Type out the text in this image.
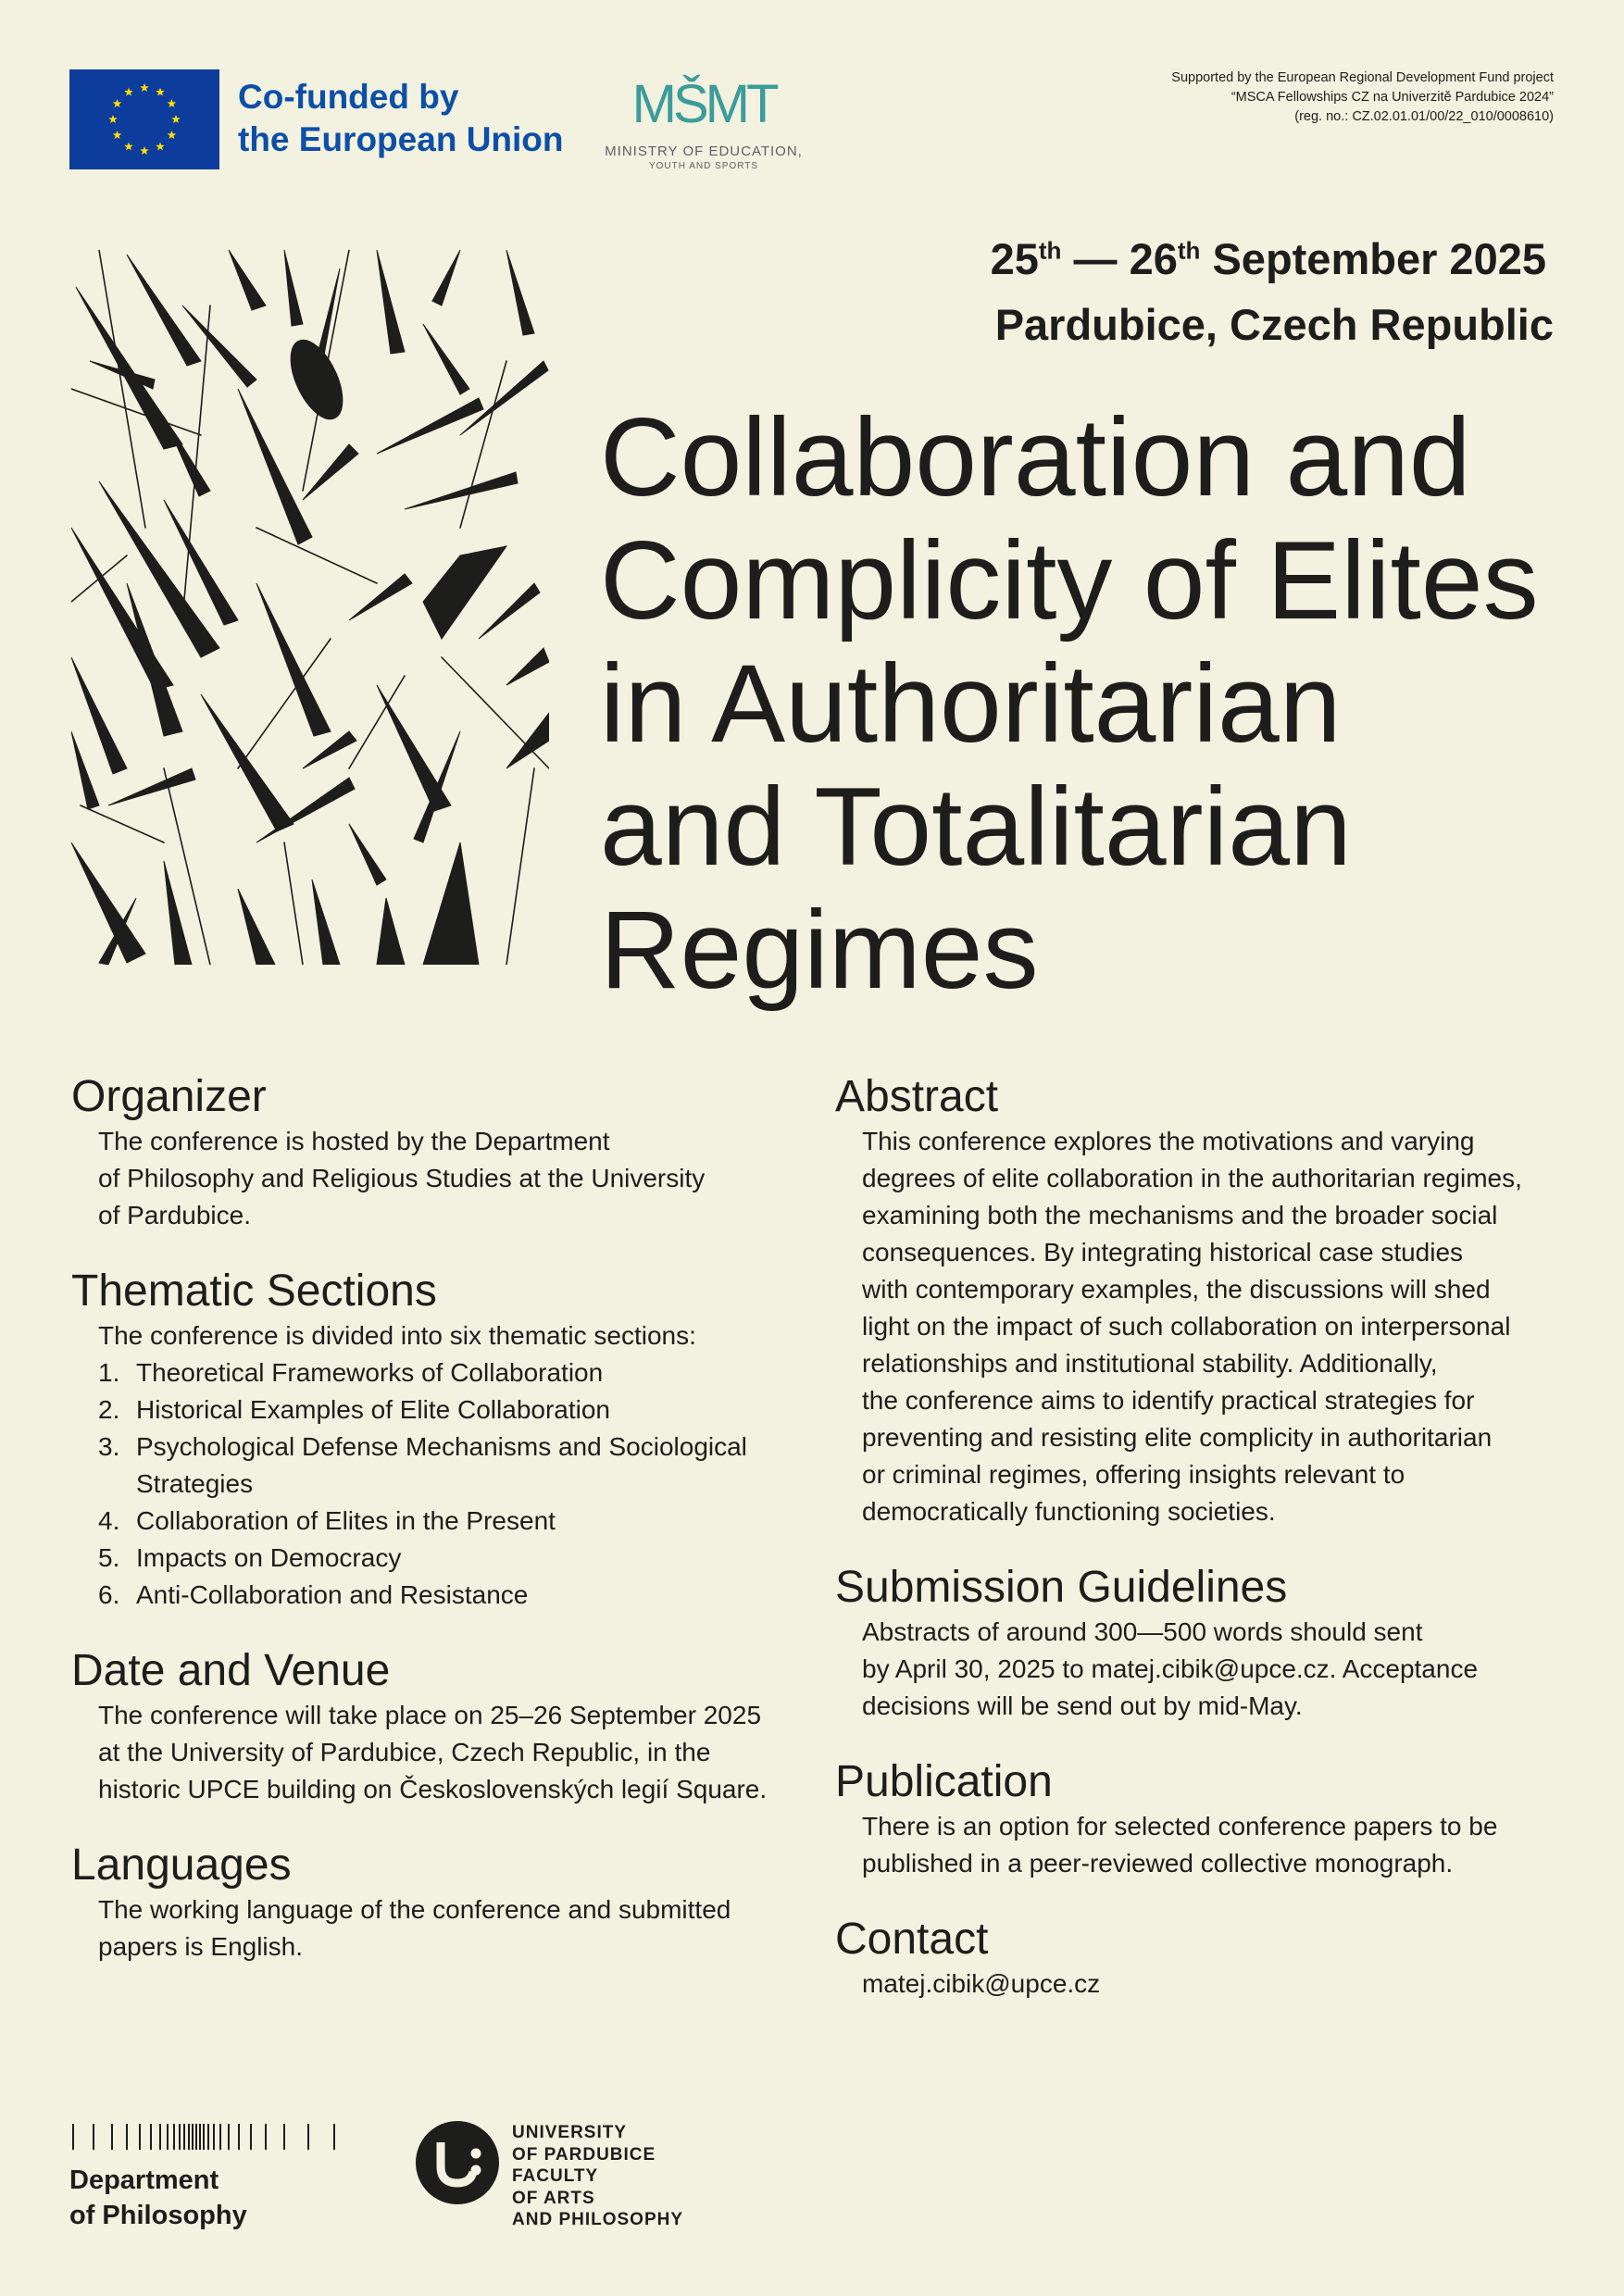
Co-funded by
the European Union
MŠMT
MINISTRY OF EDUCATION,
YOUTH AND SPORTS
Supported by the European Regional Development Fund project
“MSCA Fellowships CZ na Univerzitě Pardubice 2024”
(reg. no.: CZ.02.01.01/00/22_010/0008610)
25th — 26th September 2025
Pardubice, Czech Republic
Collaboration and
Complicity of Elites
in Authoritarian
and Totalitarian
Regimes
Organizer
The conference is hosted by the Department
of Philosophy and Religious Studies at the University
of Pardubice.
Thematic Sections
The conference is divided into six thematic sections:
1. Theoretical Frameworks of Collaboration
2. Historical Examples of Elite Collaboration
3. Psychological Defense Mechanisms and Sociological
Strategies
4. Collaboration of Elites in the Present
5. Impacts on Democracy
6. Anti-Collaboration and Resistance
Date and Venue
The conference will take place on 25–26 September 2025
at the University of Pardubice, Czech Republic, in the
historic UPCE building on Československých legií Square.
Languages
The working language of the conference and submitted
papers is English.
Abstract
This conference explores the motivations and varying
degrees of elite collaboration in the authoritarian regimes,
examining both the mechanisms and the broader social
consequences. By integrating historical case studies
with contemporary examples, the discussions will shed
light on the impact of such collaboration on interpersonal
relationships and institutional stability. Additionally,
the conference aims to identify practical strategies for
preventing and resisting elite complicity in authoritarian
or criminal regimes, offering insights relevant to
democratically functioning societies.
Submission Guidelines
Abstracts of around 300—500 words should sent
by April 30, 2025 to matej.cibik@upce.cz. Acceptance
decisions will be send out by mid-May.
Publication
There is an option for selected conference papers to be
published in a peer-reviewed collective monograph.
Contact
matej.cibik@upce.cz
Department
of Philosophy
UNIVERSITY
OF PARDUBICE
FACULTY
OF ARTS
AND PHILOSOPHY
